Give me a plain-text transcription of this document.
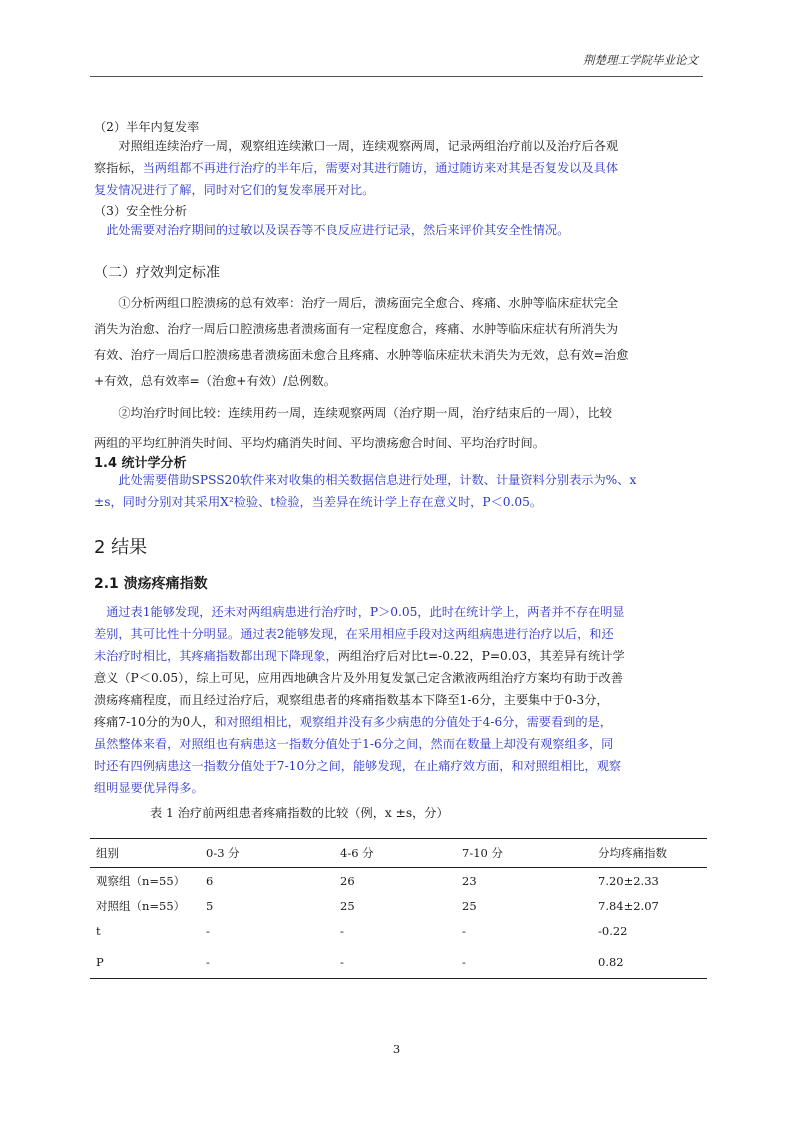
荆楚理工学院毕业论文
（2）半年内复发率
对照组连续治疗一周，观察组连续漱口一周，连续观察两周，记录两组治疗前以及治疗后各观
察指标，当两组都不再进行治疗的半年后，需要对其进行随访，通过随访来对其是否复发以及具体
复发情况进行了解，同时对它们的复发率展开对比。
（3）安全性分析
此处需要对治疗期间的过敏以及误吞等不良反应进行记录，然后来评价其安全性情况。
（二）疗效判定标准
①分析两组口腔溃疡的总有效率：治疗一周后，溃疡面完全愈合、疼痛、水肿等临床症状完全
消失为治愈、治疗一周后口腔溃疡患者溃疡面有一定程度愈合，疼痛、水肿等临床症状有所消失为
有效、治疗一周后口腔溃疡患者溃疡面未愈合且疼痛、水肿等临床症状未消失为无效，总有效=治愈
+有效，总有效率=（治愈+有效）/总例数。
②均治疗时间比较：连续用药一周，连续观察两周（治疗期一周，治疗结束后的一周），比较
两组的平均红肿消失时间、平均灼痛消失时间、平均溃疡愈合时间、平均治疗时间。
1.4 统计学分析
此处需要借助SPSS20软件来对收集的相关数据信息进行处理，计数、计量资料分别表示为%、x
±s，同时分别对其采用X²检验、t检验，当差异在统计学上存在意义时，P＜0.05。
2 结果
2.1 溃疡疼痛指数
通过表1能够发现，还未对两组病患进行治疗时，P＞0.05，此时在统计学上，两者并不存在明显
差别，其可比性十分明显。通过表2能够发现，在采用相应手段对这两组病患进行治疗以后，和还
未治疗时相比，其疼痛指数都出现下降现象，两组治疗后对比t=-0.22，P=0.03，其差异有统计学
意义（P＜0.05），综上可见，应用西地碘含片及外用复发氯己定含漱液两组治疗方案均有助于改善
溃疡疼痛程度，而且经过治疗后，观察组患者的疼痛指数基本下降至1-6分，主要集中于0-3分，
疼痛7-10分的为0人，和对照组相比，观察组并没有多少病患的分值处于4-6分，需要看到的是，
虽然整体来看，对照组也有病患这一指数分值处于1-6分之间，然而在数量上却没有观察组多，同
时还有四例病患这一指数分值处于7-10分之间，能够发现，在止痛疗效方面，和对照组相比，观察
组明显要优异得多。
表 1 治疗前两组患者疼痛指数的比较（例，x ±s，分）
组别	0-3 分	4-6 分	7-10 分	分均疼痛指数
观察组（n=55）	6	26	23	7.20±2.33
对照组（n=55）	5	25	25	7.84±2.07
t	-	-	-	-0.22
P	-	-	-	0.82
3
